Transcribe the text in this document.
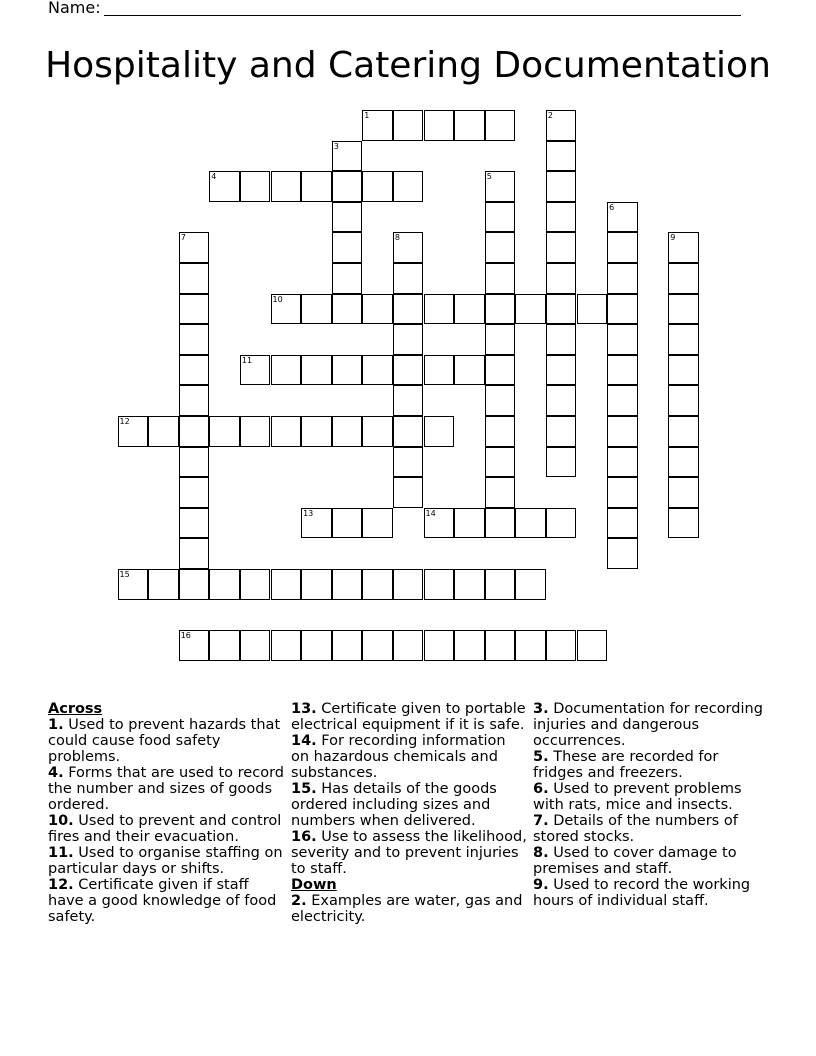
Name:
Hospitality and Catering Documentation
1	2
3
4	5
6
7	8	9
10
11
12
13	14
15
16
Across
1. Used to prevent hazards that could cause food safety problems.
4. Forms that are used to record the number and sizes of goods ordered.
10. Used to prevent and control fires and their evacuation.
11. Used to organise staffing on particular days or shifts.
12. Certificate given if staff have a good knowledge of food safety.
13. Certificate given to portable electrical equipment if it is safe.
14. For recording information on hazardous chemicals and substances.
15. Has details of the goods ordered including sizes and numbers when delivered.
16. Use to assess the likelihood, severity and to prevent injuries to staff.
Down
2. Examples are water, gas and electricity.
3. Documentation for recording injuries and dangerous occurrences.
5. These are recorded for fridges and freezers.
6. Used to prevent problems with rats, mice and insects.
7. Details of the numbers of stored stocks.
8. Used to cover damage to premises and staff.
9. Used to record the working hours of individual staff.
